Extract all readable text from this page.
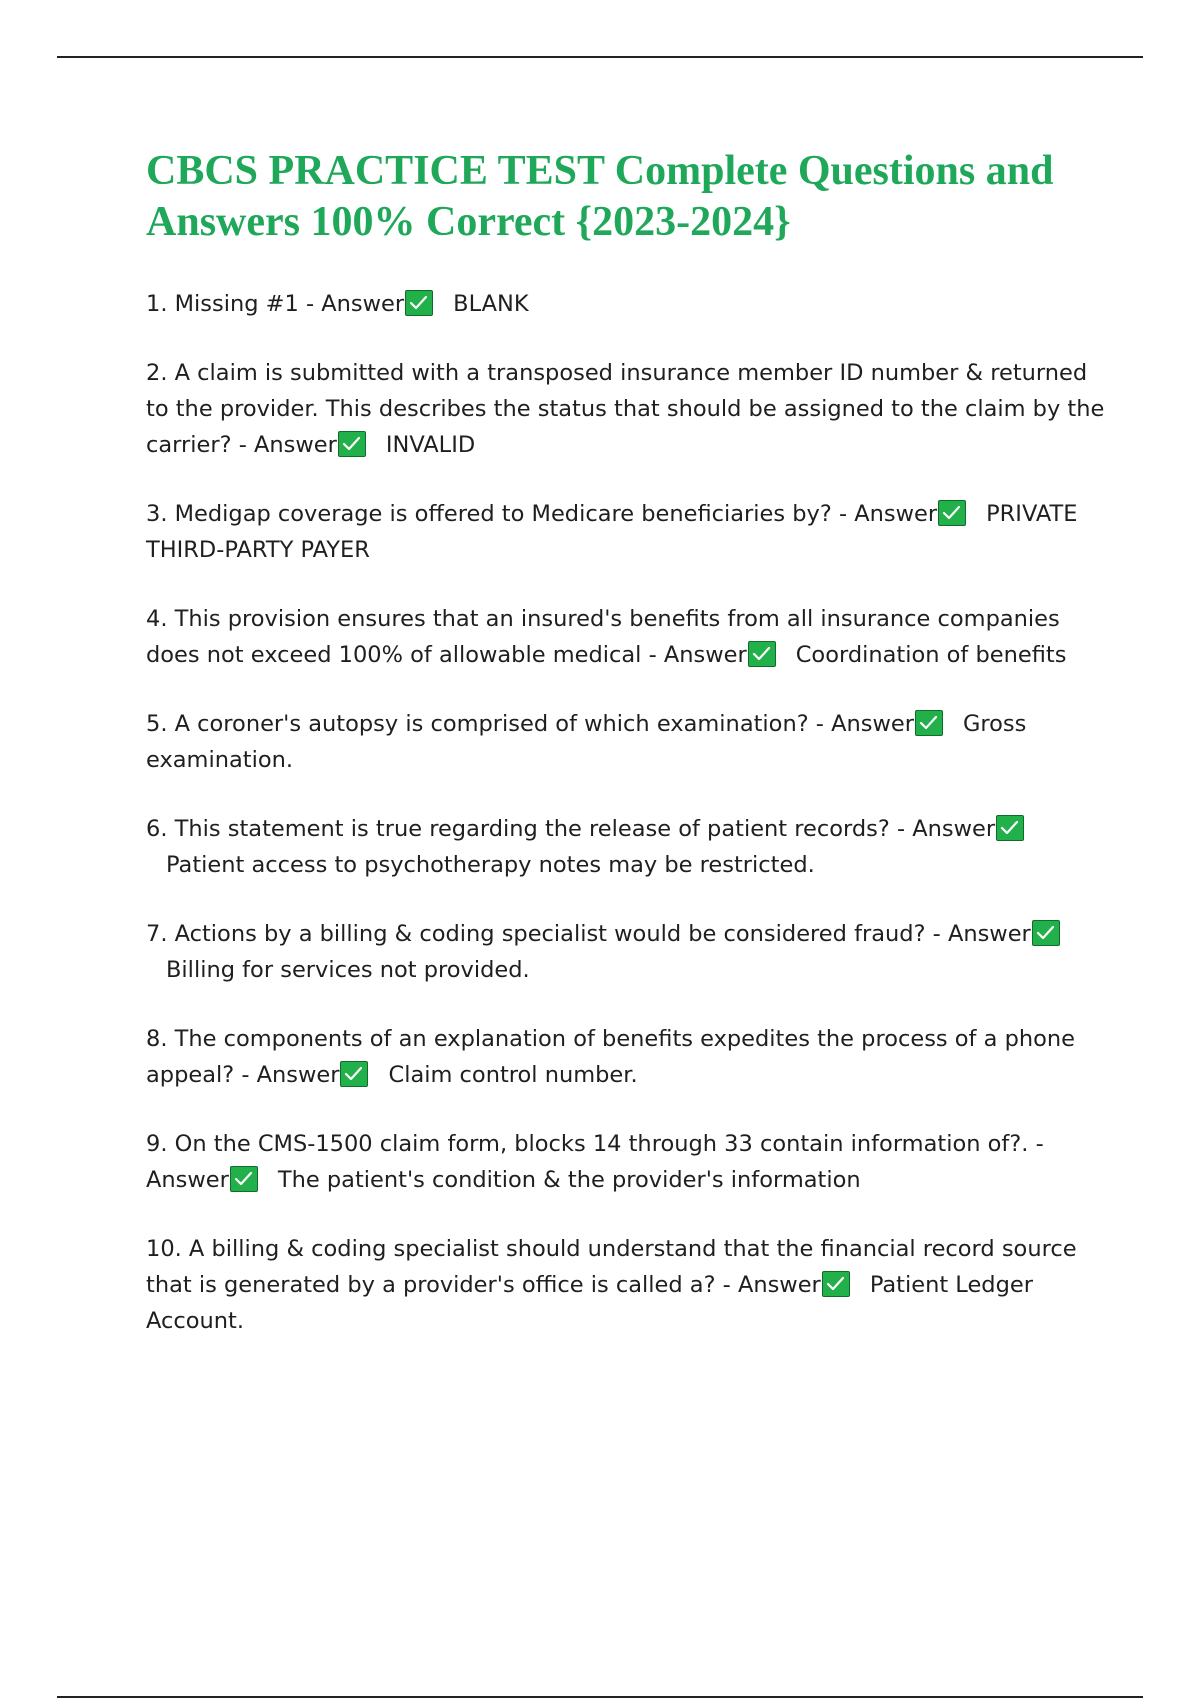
CBCS PRACTICE TEST Complete Questions and Answers 100% Correct {2023-2024}
1. Missing #1 - Answer BLANK
2. A claim is submitted with a transposed insurance member ID number & returned to the provider. This describes the status that should be assigned to the claim by the carrier? - Answer INVALID
3. Medigap coverage is offered to Medicare beneficiaries by? - Answer PRIVATE THIRD-PARTY PAYER
4. This provision ensures that an insured's benefits from all insurance companies does not exceed 100% of allowable medical - Answer Coordination of benefits
5. A coroner's autopsy is comprised of which examination? - Answer Gross examination.
6. This statement is true regarding the release of patient records? - Answer
Patient access to psychotherapy notes may be restricted.
7. Actions by a billing & coding specialist would be considered fraud? - Answer
Billing for services not provided.
8. The components of an explanation of benefits expedites the process of a phone appeal? - Answer Claim control number.
9. On the CMS-1500 claim form, blocks 14 through 33 contain information of?. - Answer The patient's condition & the provider's information
10. A billing & coding specialist should understand that the financial record source that is generated by a provider's office is called a? - Answer Patient Ledger Account.
